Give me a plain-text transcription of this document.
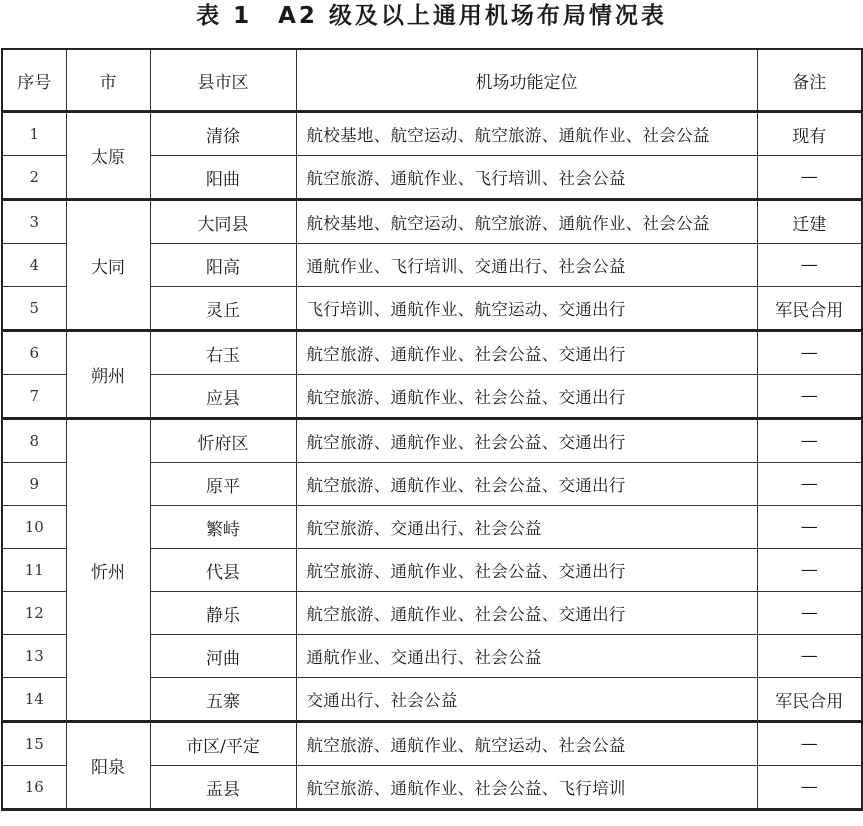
表 1　A2 级及以上通用机场布局情况表
序号	市	县市区	机场功能定位	备注
1	太原	清徐	航校基地、航空运动、航空旅游、通航作业、社会公益	现有
2		阳曲	航空旅游、通航作业、飞行培训、社会公益	—
3	大同	大同县	航校基地、航空运动、航空旅游、通航作业、社会公益	迁建
4		阳高	通航作业、飞行培训、交通出行、社会公益	—
5		灵丘	飞行培训、通航作业、航空运动、交通出行	军民合用
6	朔州	右玉	航空旅游、通航作业、社会公益、交通出行	—
7		应县	航空旅游、通航作业、社会公益、交通出行	—
8	忻州	忻府区	航空旅游、通航作业、社会公益、交通出行	—
9		原平	航空旅游、通航作业、社会公益、交通出行	—
10		繁峙	航空旅游、交通出行、社会公益	—
11		代县	航空旅游、通航作业、社会公益、交通出行	—
12		静乐	航空旅游、通航作业、社会公益、交通出行	—
13		河曲	通航作业、交通出行、社会公益	—
14		五寨	交通出行、社会公益	军民合用
15	阳泉	市区/平定	航空旅游、通航作业、航空运动、社会公益	—
16		盂县	航空旅游、通航作业、社会公益、飞行培训	—
